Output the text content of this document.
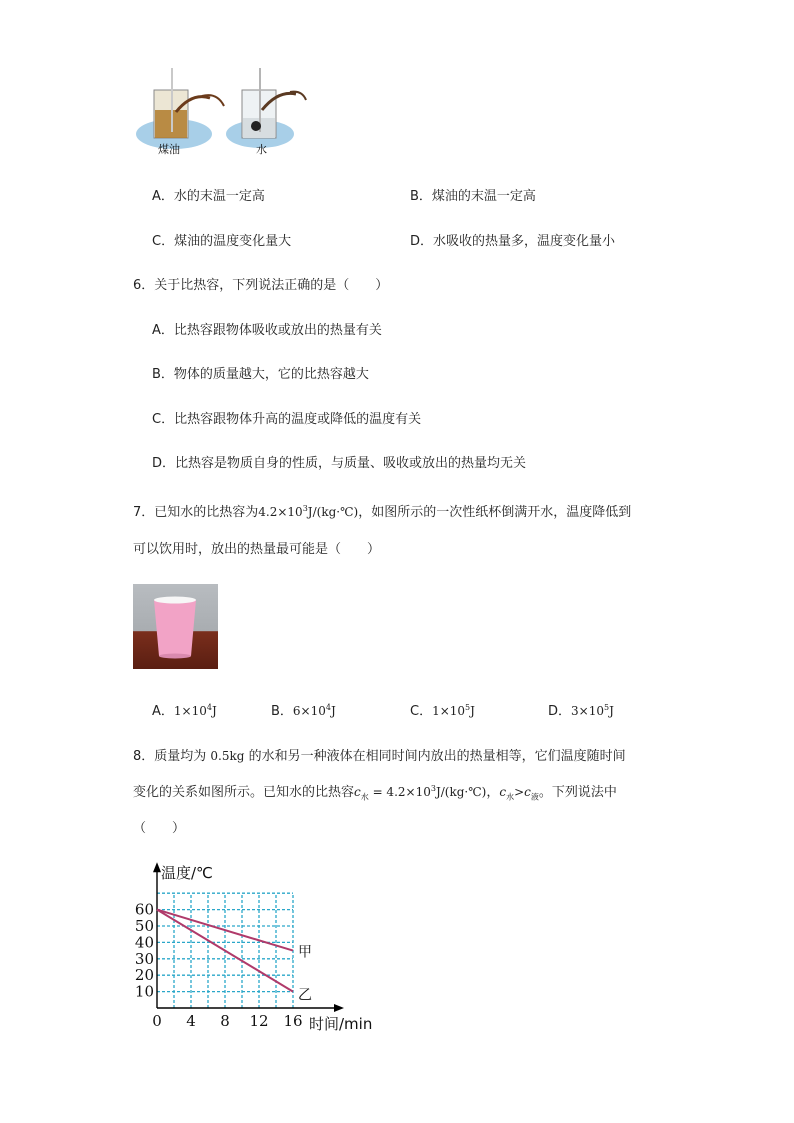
煤油	水
A．水的末温一定高	B．煤油的末温一定高
C．煤油的温度变化量大	D．水吸收的热量多，温度变化量小
6．关于比热容，下列说法正确的是（　　）
A．比热容跟物体吸收或放出的热量有关
B．物体的质量越大，它的比热容越大
C．比热容跟物体升高的温度或降低的温度有关
D．比热容是物质自身的性质，与质量、吸收或放出的热量均无关
7．已知水的比热容为$4.2\times 10^3J/(kg\cdot℃)$，如图所示的一次性纸杯倒满开水，温度降低到
可以饮用时，放出的热量最可能是（　　）
A．$1\times 10^4J$	B．$6\times 10^4J$	C．$1\times 10^5J$	D．$3\times 10^5J$
8．质量均为 0.5kg 的水和另一种液体在相同时间内放出的热量相等，它们温度随时间
变化的关系如图所示。已知水的比热容$c_水$ = $4.2\times 10^3J/(kg\cdot℃)$，$c_水>c_液$。下列说法中
（　　）
0 4 8 12 16
10
20
30
40
50
60
温度/℃
时间/min
甲
乙
